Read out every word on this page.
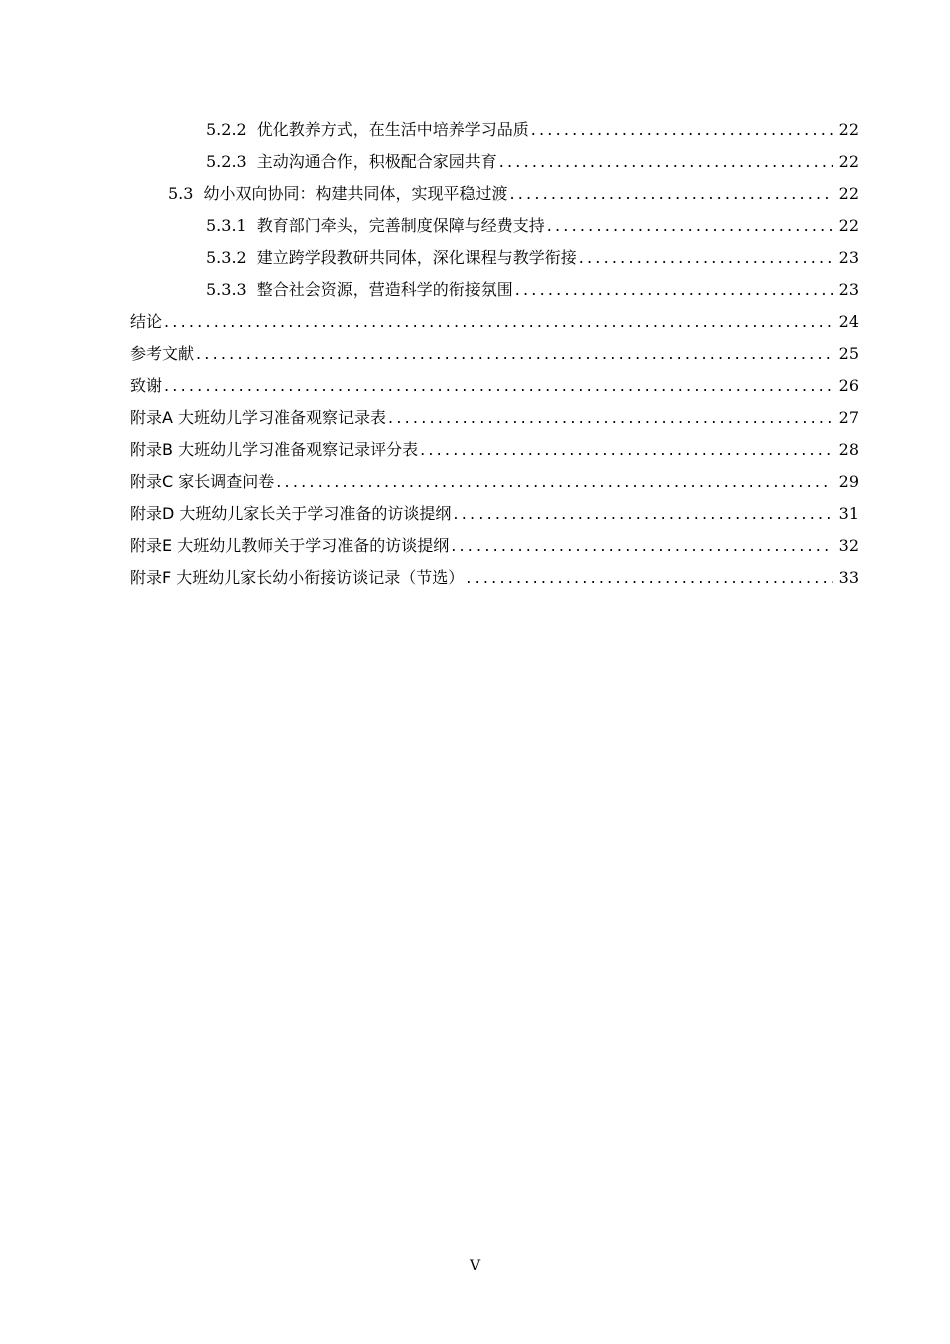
5.2.2 优化教养方式，在生活中培养学习品质 .....	22
5.2.3 主动沟通合作，积极配合家园共育 .....	22
5.3 幼小双向协同：构建共同体，实现平稳过渡 .....	22
5.3.1 教育部门牵头，完善制度保障与经费支持 .....	22
5.3.2 建立跨学段教研共同体，深化课程与教学衔接 .....	23
5.3.3 整合社会资源，营造科学的衔接氛围 .....	23
结论 .....	24
参考文献 .....	25
致谢 .....	26
附录A 大班幼儿学习准备观察记录表 .....	27
附录B 大班幼儿学习准备观察记录评分表 .....	28
附录C 家长调查问卷 .....	29
附录D 大班幼儿家长关于学习准备的访谈提纲 .....	31
附录E 大班幼儿教师关于学习准备的访谈提纲 .....	32
附录F 大班幼儿家长幼小衔接访谈记录（节选） .....	33
V
